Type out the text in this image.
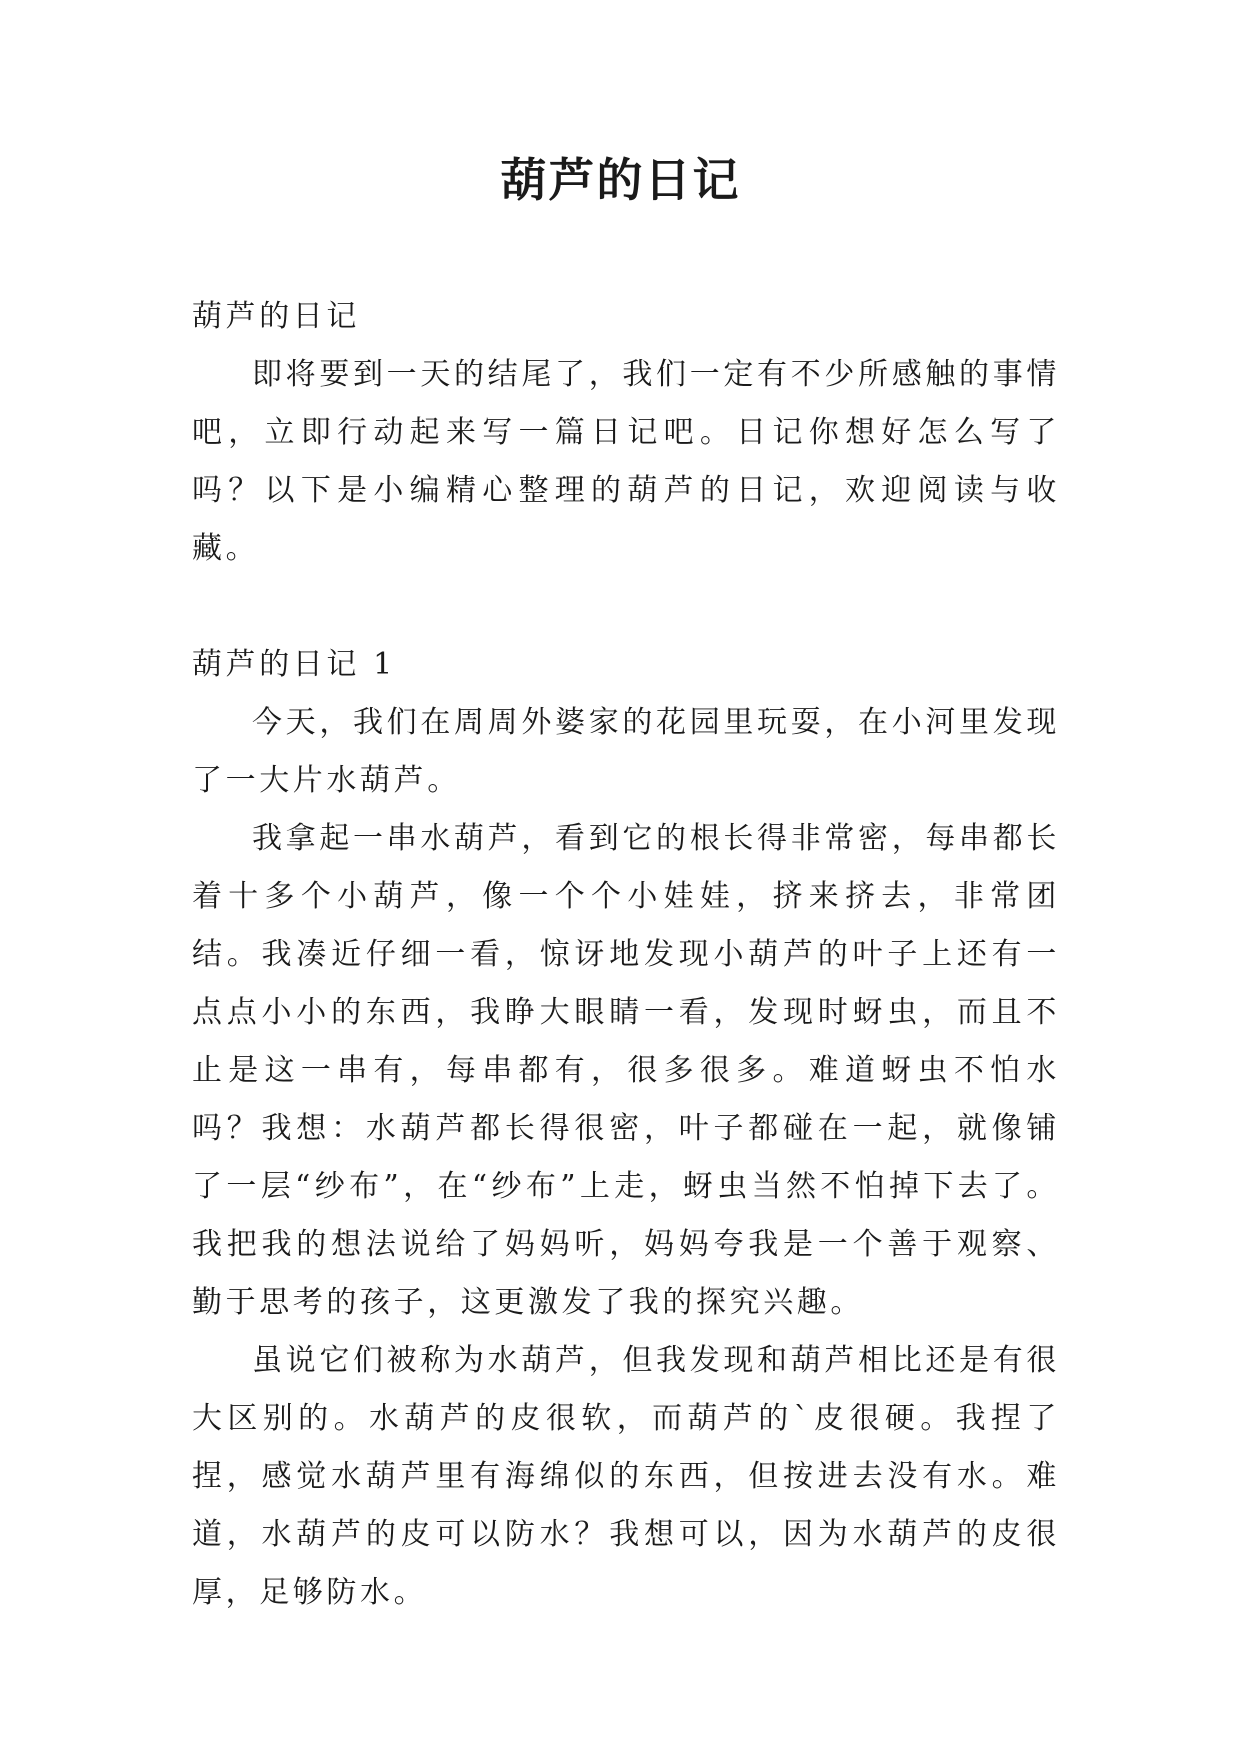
葫芦的日记

葫芦的日记

即将要到一天的结尾了，我们一定有不少所感触的事情吧，立即行动起来写一篇日记吧。日记你想好怎么写了吗？以下是小编精心整理的葫芦的日记，欢迎阅读与收藏。

葫芦的日记 1

今天，我们在周周外婆家的花园里玩耍，在小河里发现了一大片水葫芦。

我拿起一串水葫芦，看到它的根长得非常密，每串都长着十多个小葫芦，像一个个小娃娃，挤来挤去，非常团结。我凑近仔细一看，惊讶地发现小葫芦的叶子上还有一点点小小的东西，我睁大眼睛一看，发现时蚜虫，而且不止是这一串有，每串都有，很多很多。难道蚜虫不怕水吗？我想：水葫芦都长得很密，叶子都碰在一起，就像铺了一层“纱布”，在“纱布”上走，蚜虫当然不怕掉下去了。我把我的想法说给了妈妈听，妈妈夸我是一个善于观察、勤于思考的孩子，这更激发了我的探究兴趣。

虽说它们被称为水葫芦，但我发现和葫芦相比还是有很大区别的。水葫芦的皮很软，而葫芦的`皮很硬。我捏了捏，感觉水葫芦里有海绵似的东西，但按进去没有水。难道，水葫芦的皮可以防水？我想可以，因为水葫芦的皮很厚，足够防水。
